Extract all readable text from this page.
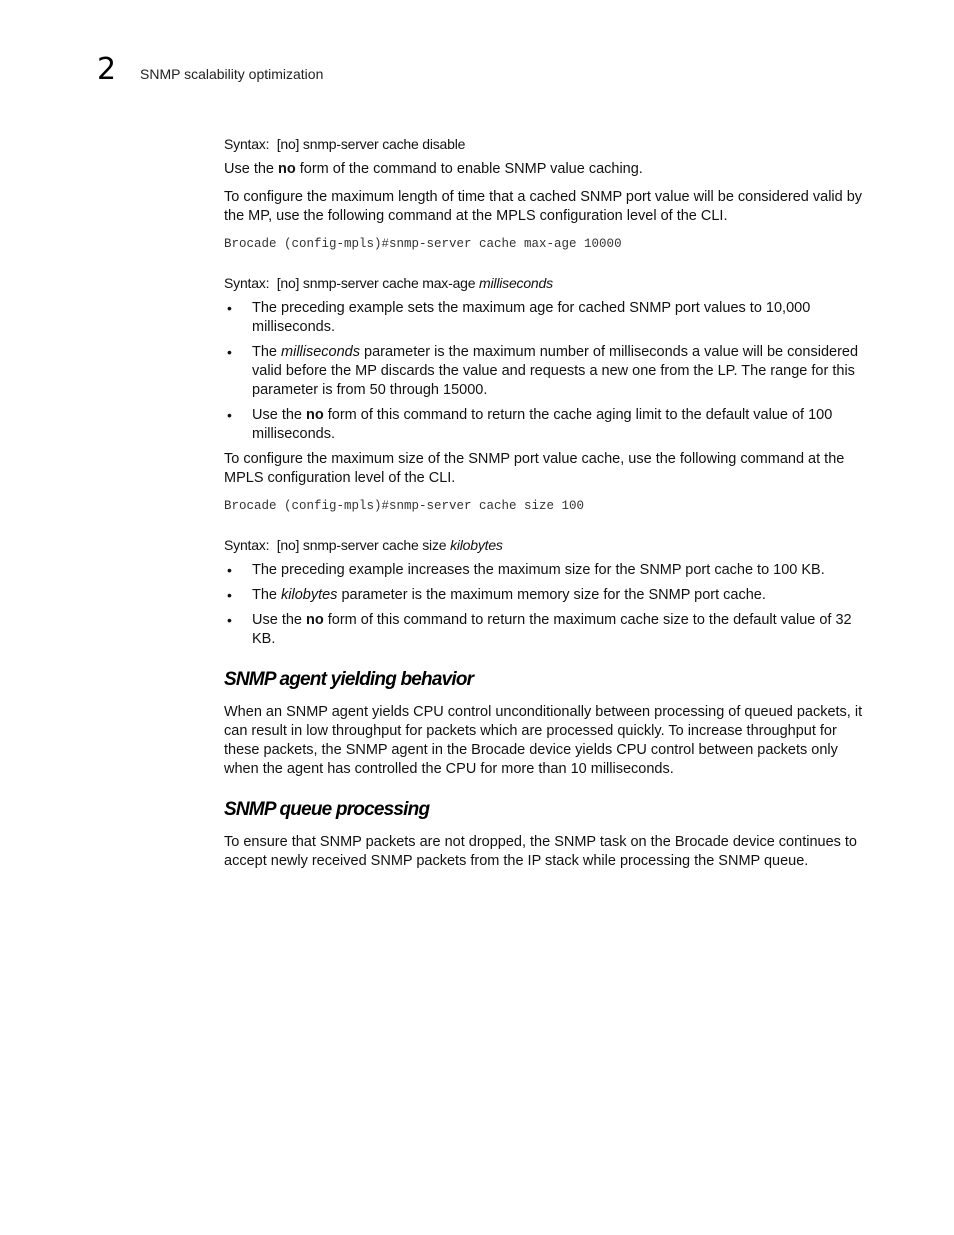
2 SNMP scalability optimization
Syntax: [no] snmp-server cache disable

Use the no form of the command to enable SNMP value caching.

To configure the maximum length of time that a cached SNMP port value will be considered valid by the MP, use the following command at the MPLS configuration level of the CLI.

Brocade (config-mpls)#snmp-server cache max-age 10000
Syntax: [no] snmp-server cache max-age milliseconds
• The preceding example sets the maximum age for cached SNMP port values to 10,000 milliseconds.
• The milliseconds parameter is the maximum number of milliseconds a value will be considered valid before the MP discards the value and requests a new one from the LP. The range for this parameter is from 50 through 15000.
• Use the no form of this command to return the cache aging limit to the default value of 100 milliseconds.

To configure the maximum size of the SNMP port value cache, use the following command at the MPLS configuration level of the CLI.

Brocade (config-mpls)#snmp-server cache size 100
Syntax: [no] snmp-server cache size kilobytes
• The preceding example increases the maximum size for the SNMP port cache to 100 KB.
• The kilobytes parameter is the maximum memory size for the SNMP port cache.
• Use the no form of this command to return the maximum cache size to the default value of 32 KB.
SNMP agent yielding behavior

When an SNMP agent yields CPU control unconditionally between processing of queued packets, it can result in low throughput for packets which are processed quickly. To increase throughput for these packets, the SNMP agent in the Brocade device yields CPU control between packets only when the agent has controlled the CPU for more than 10 milliseconds.

SNMP queue processing

To ensure that SNMP packets are not dropped, the SNMP task on the Brocade device continues to accept newly received SNMP packets from the IP stack while processing the SNMP queue.
